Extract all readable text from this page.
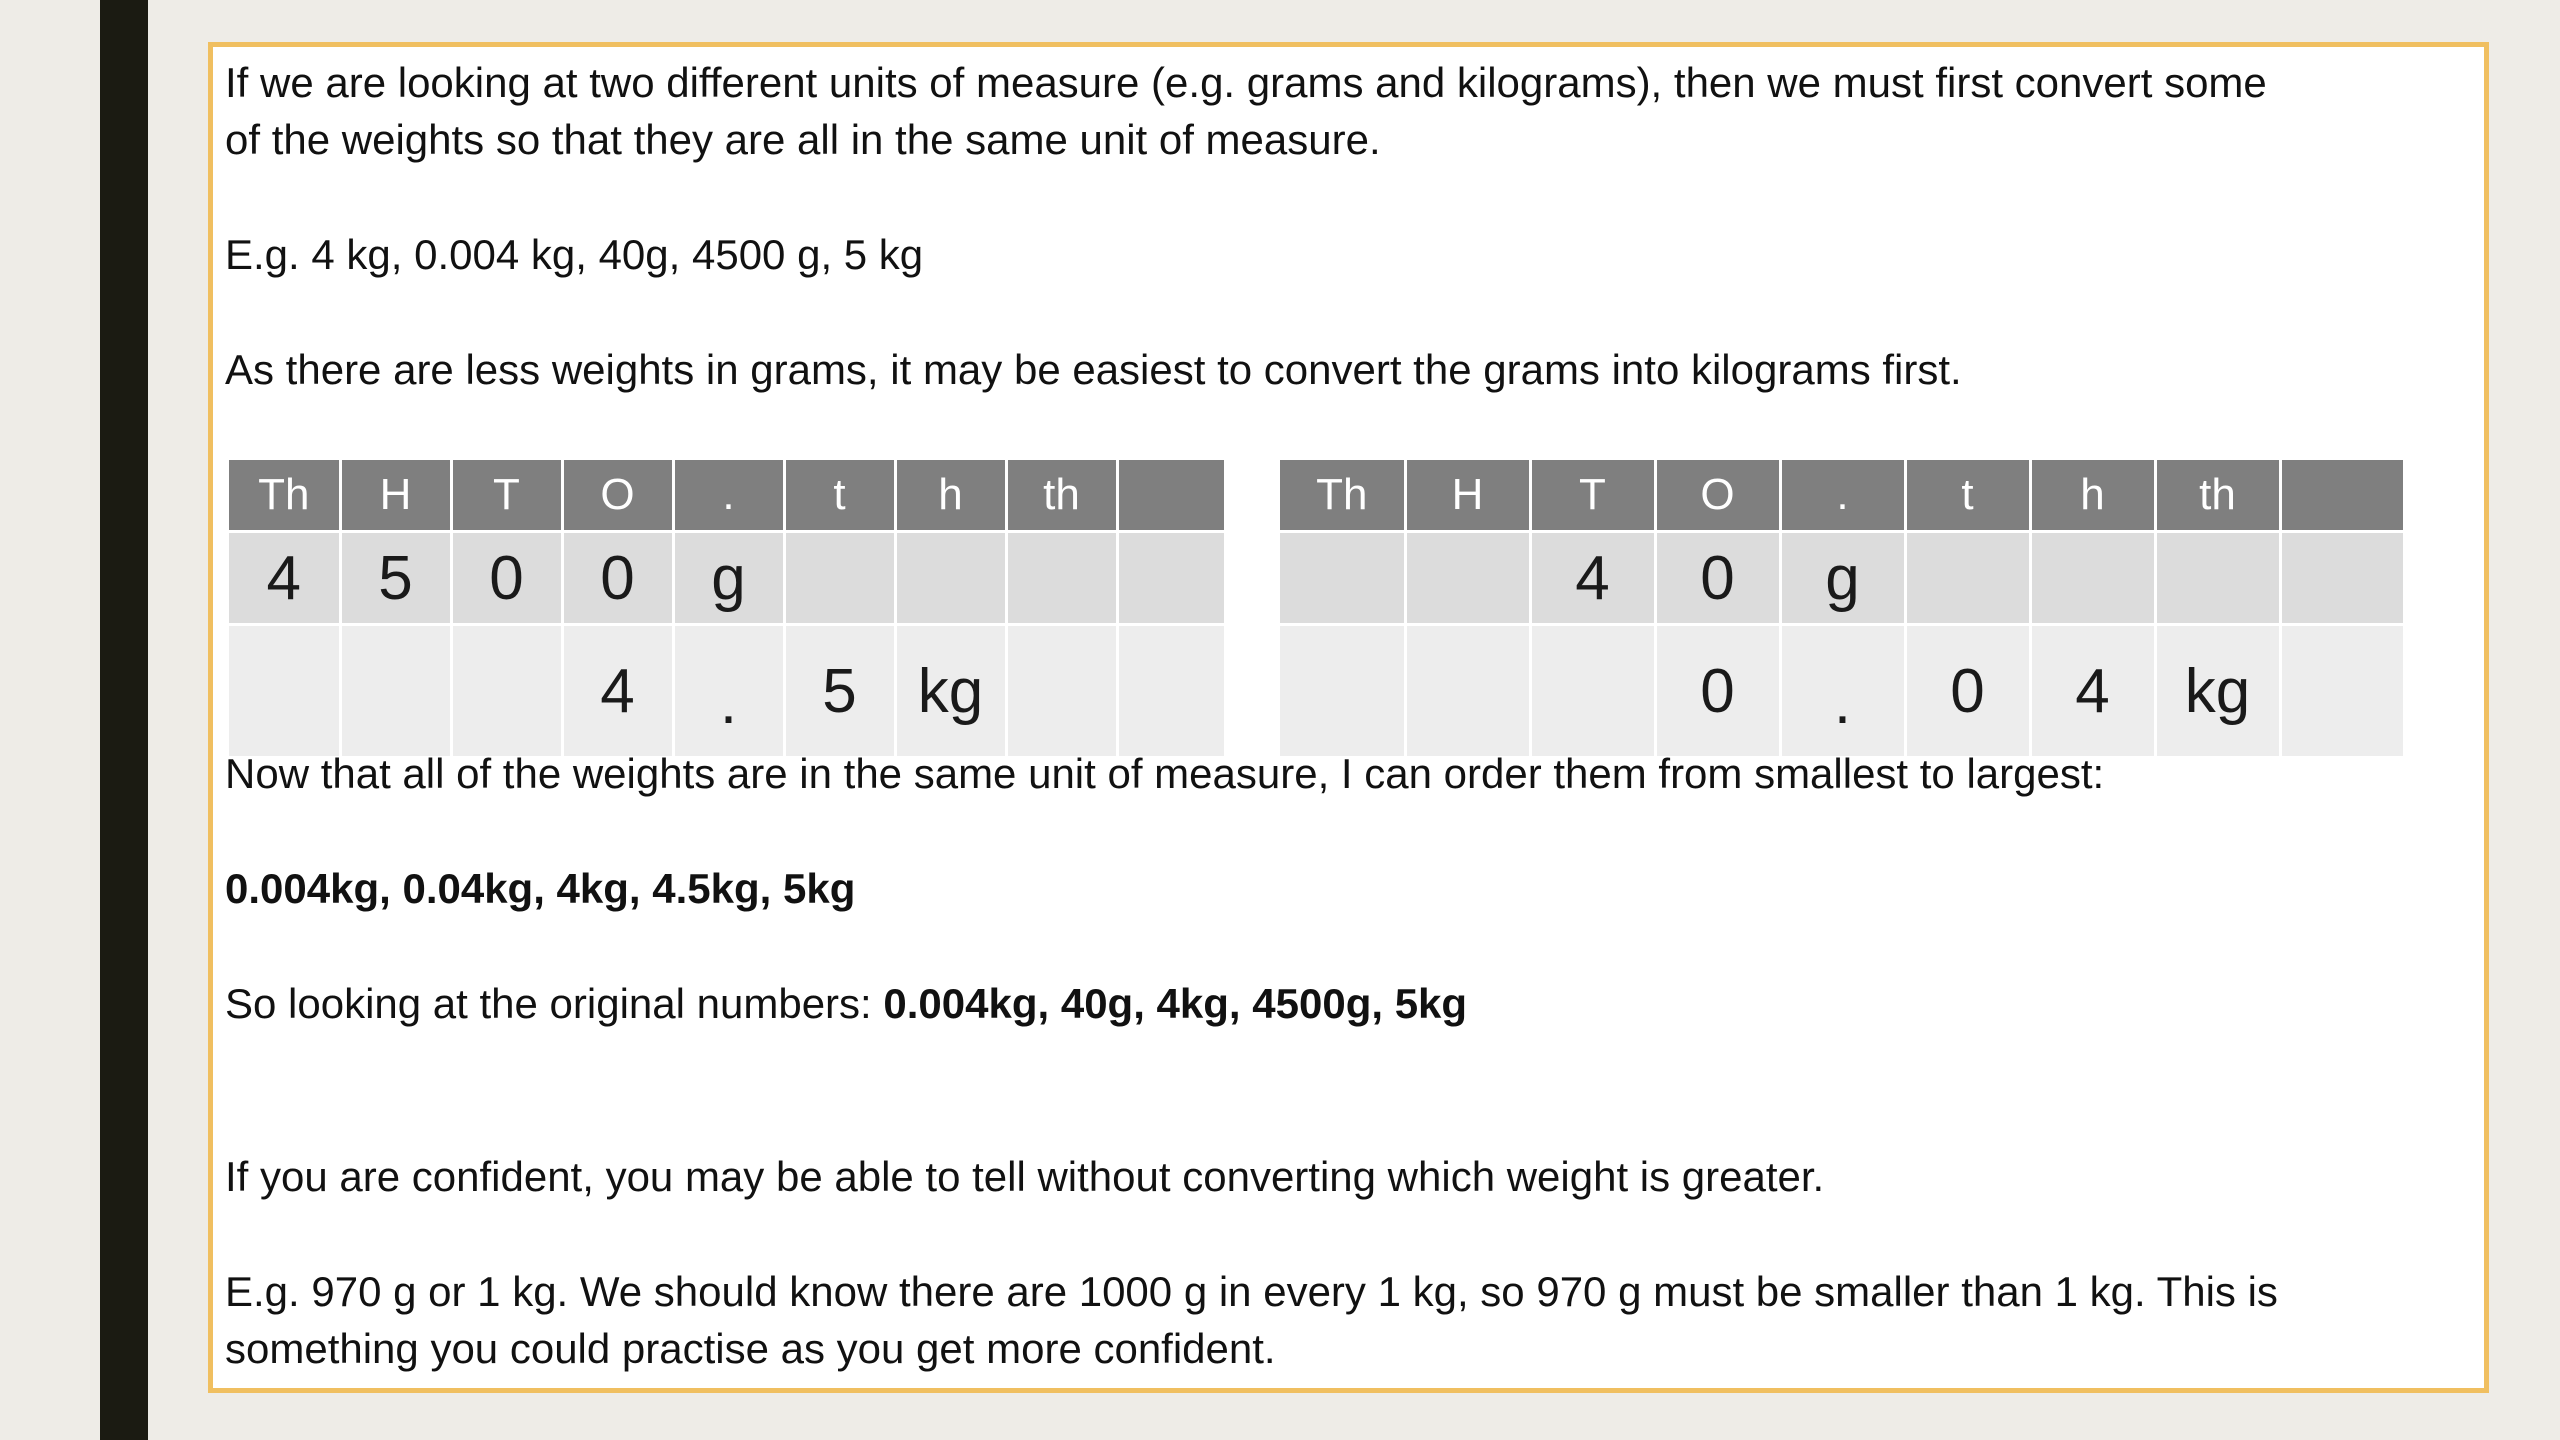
If we are looking at two different units of measure (e.g. grams and kilograms), then we must first convert some

of the weights so that they are all in the same unit of measure.

E.g. 4 kg, 0.004 kg, 40g, 4500 g, 5 kg

As there are less weights in grams, it may be easiest to convert the grams into kilograms first.

Th	H	T	O	.	t	h	th	
4	5	0	0	g				
			4	.	5	kg		
Th	H	T	O	.	t	h	th	
		4	0	g				
			0	.	0	4	kg	

Now that all of the weights are in the same unit of measure, I can order them from smallest to largest:

0.004kg, 0.04kg, 4kg, 4.5kg, 5kg

So looking at the original numbers: 0.004kg, 40g, 4kg, 4500g, 5kg

If you are confident, you may be able to tell without converting which weight is greater.

E.g. 970 g or 1 kg. We should know there are 1000 g in every 1 kg, so 970 g must be smaller than 1 kg. This is

something you could practise as you get more confident.
